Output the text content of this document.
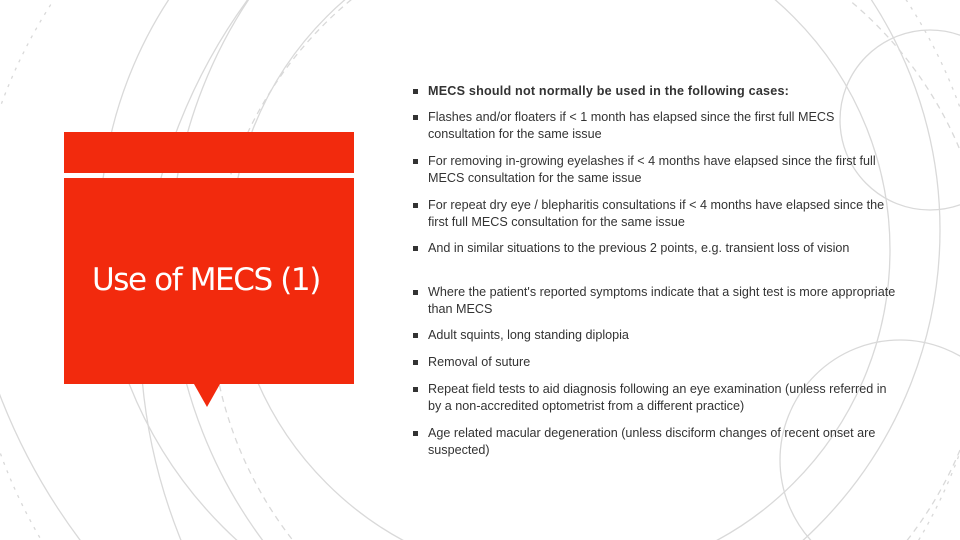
Use of MECS (1)
MECS should not normally be used in the following cases:
Flashes and/or floaters if < 1 month has elapsed since the first full MECS consultation for the same issue
For removing in-growing eyelashes if < 4 months have elapsed since the first full MECS consultation for the same issue
For repeat dry eye / blepharitis consultations if < 4 months have elapsed since the first full MECS consultation for the same issue
And in similar situations to the previous 2 points, e.g. transient loss of vision
Where the patient's reported symptoms indicate that a sight test is more appropriate than MECS
Adult squints, long standing diplopia
Removal of suture
Repeat field tests to aid diagnosis following an eye examination (unless referred in by a non-accredited optometrist from a different practice)
Age related macular degeneration (unless disciform changes of recent onset are suspected)
